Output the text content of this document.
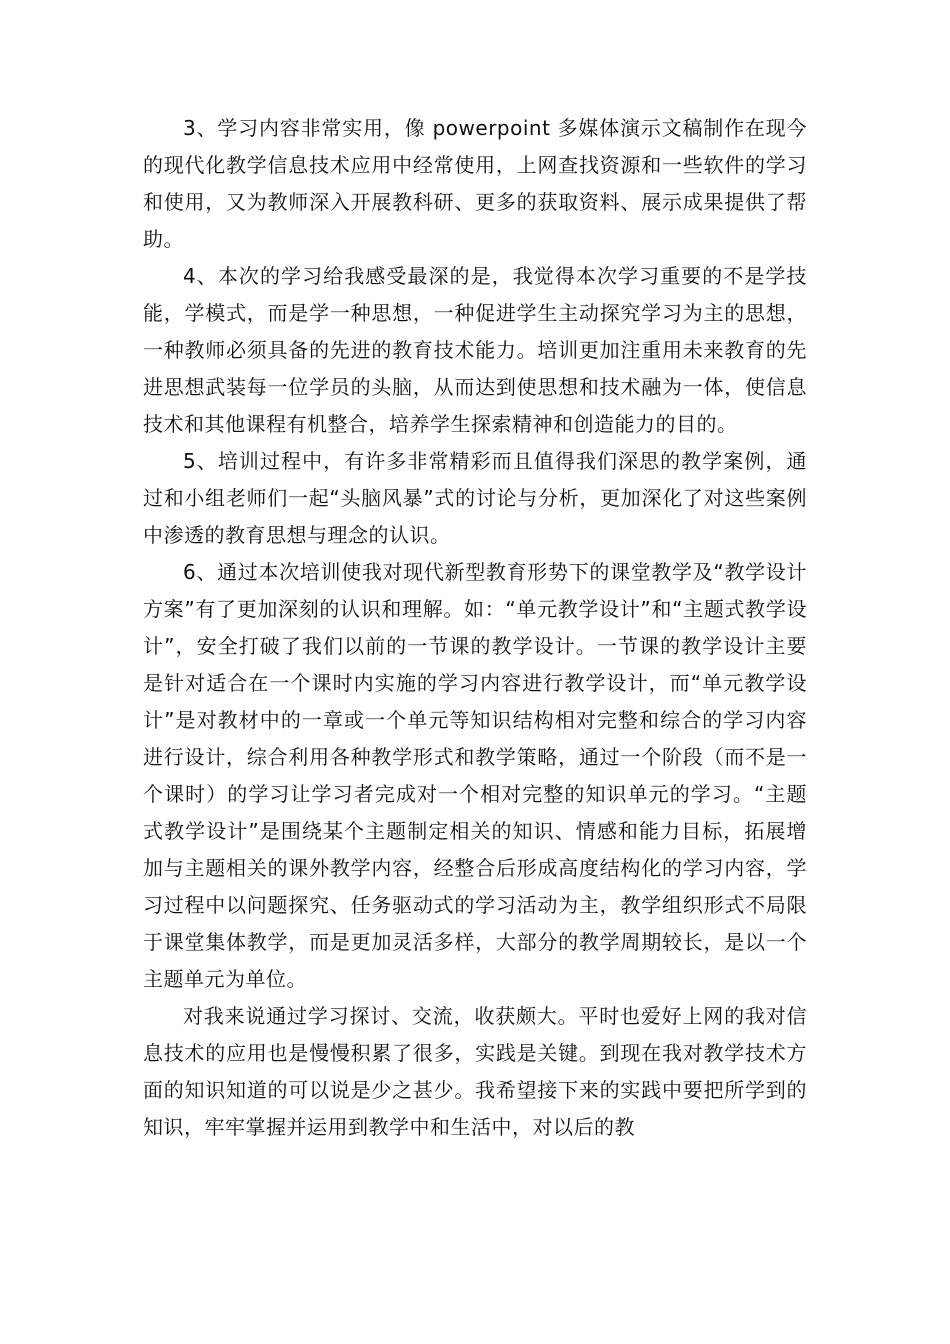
3、学习内容非常实用，像 powerpoint 多媒体演示文稿制作在现今的现代化教学信息技术应用中经常使用，上网查找资源和一些软件的学习和使用，又为教师深入开展教科研、更多的获取资料、展示成果提供了帮助。

4、本次的学习给我感受最深的是，我觉得本次学习重要的不是学技能，学模式，而是学一种思想，一种促进学生主动探究学习为主的思想，一种教师必须具备的先进的教育技术能力。培训更加注重用未来教育的先进思想武装每一位学员的头脑，从而达到使思想和技术融为一体，使信息技术和其他课程有机整合，培养学生探索精神和创造能力的目的。

5、培训过程中，有许多非常精彩而且值得我们深思的教学案例，通过和小组老师们一起“头脑风暴”式的讨论与分析，更加深化了对这些案例中渗透的教育思想与理念的认识。

6、通过本次培训使我对现代新型教育形势下的课堂教学及“教学设计方案”有了更加深刻的认识和理解。如：“单元教学设计”和“主题式教学设计”，安全打破了我们以前的一节课的教学设计。一节课的教学设计主要是针对适合在一个课时内实施的学习内容进行教学设计，而“单元教学设计”是对教材中的一章或一个单元等知识结构相对完整和综合的学习内容进行设计，综合利用各种教学形式和教学策略，通过一个阶段（而不是一个课时）的学习让学习者完成对一个相对完整的知识单元的学习。“主题式教学设计”是围绕某个主题制定相关的知识、情感和能力目标，拓展增加与主题相关的课外教学内容，经整合后形成高度结构化的学习内容，学习过程中以问题探究、任务驱动式的学习活动为主，教学组织形式不局限于课堂集体教学，而是更加灵活多样，大部分的教学周期较长，是以一个主题单元为单位。

对我来说通过学习探讨、交流，收获颇大。平时也爱好上网的我对信息技术的应用也是慢慢积累了很多，实践是关键。到现在我对教学技术方面的知识知道的可以说是少之甚少。我希望接下来的实践中要把所学到的知识，牢牢掌握并运用到教学中和生活中，对以后的教
